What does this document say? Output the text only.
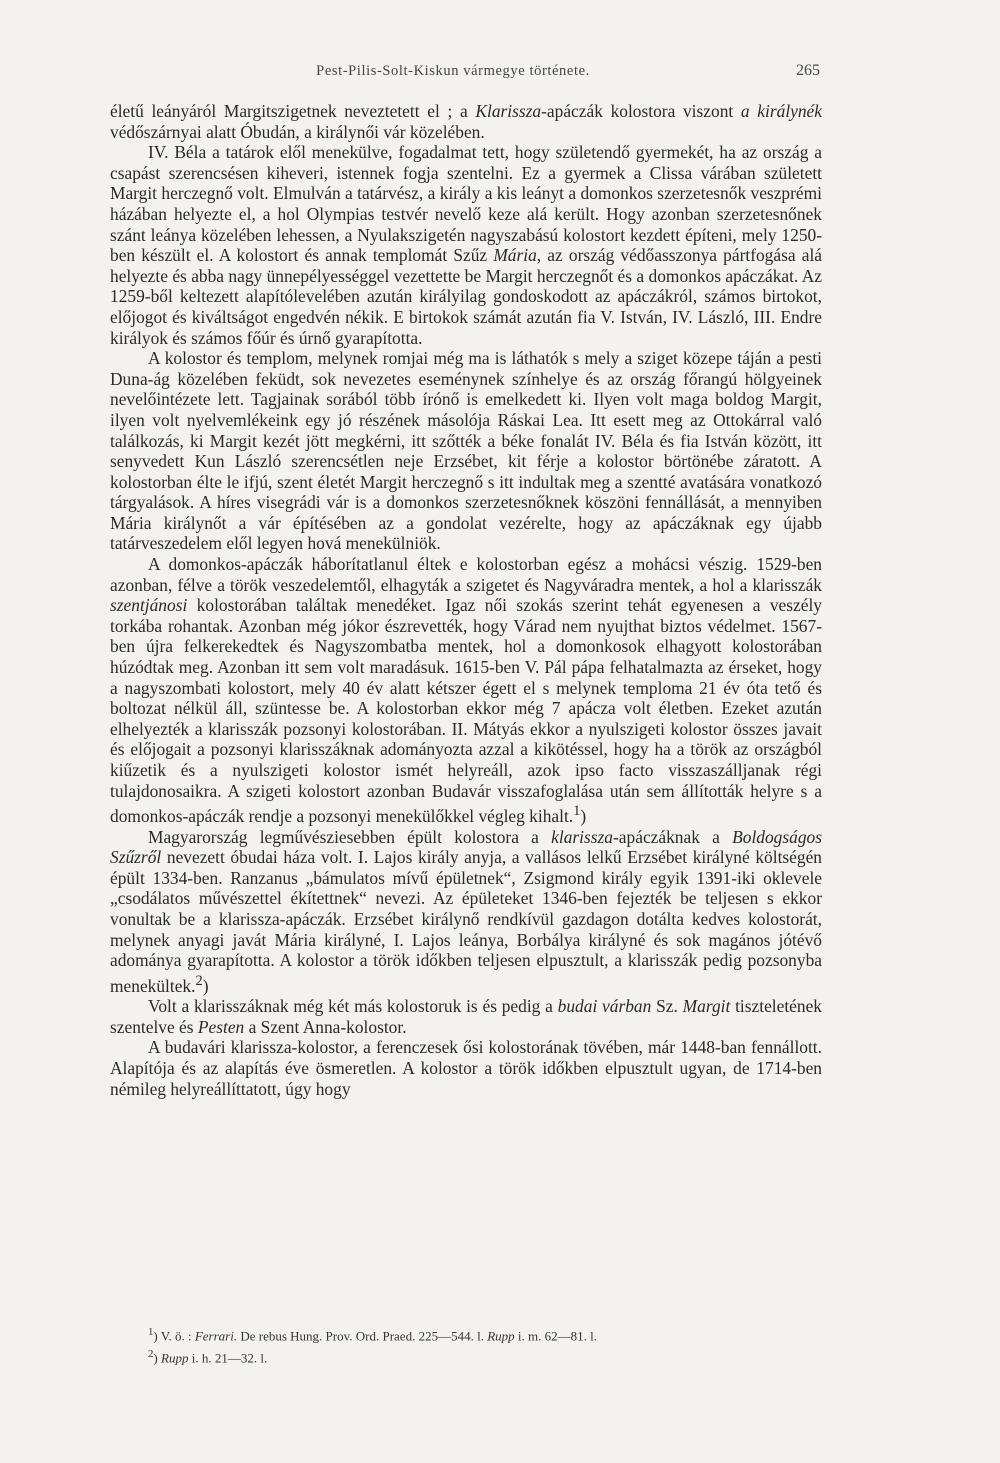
Pest-Pilis-Solt-Kiskun vármegye története.	265

életű leányáról Margitszigetnek neveztetett el ; a Klarissza-apáczák kolostora viszont a királynék védőszárnyai alatt Óbudán, a királynői vár közelében.

IV. Béla a tatárok elől menekülve, fogadalmat tett, hogy születendő gyermekét, ha az ország a csapást szerencsésen kiheveri, istennek fogja szentelni. Ez a gyermek a Clissa várában született Margit herczegnő volt. Elmulván a tatárvész, a király a kis leányt a domonkos szerzetesnők veszprémi házában helyezte el, a hol Olympias testvér nevelő keze alá került. Hogy azonban szerzetesnőnek szánt leánya közelében lehessen, a Nyulakszigetén nagyszabású kolostort kezdett építeni, mely 1250-ben készült el. A kolostort és annak templomát Szűz Mária, az ország védőasszonya pártfogása alá helyezte és abba nagy ünnepélyességgel vezettette be Margit herczegnőt és a domonkos apáczákat. Az 1259-ből keltezett alapítólevelében azután királyilag gondoskodott az apáczákról, számos birtokot, előjogot és kiváltságot engedvén nékik. E birtokok számát azután fia V. István, IV. László, III. Endre királyok és számos főúr és úrnő gyarapította.

A kolostor és templom, melynek romjai még ma is láthatók s mely a sziget közepe táján a pesti Duna-ág közelében feküdt, sok nevezetes eseménynek színhelye és az ország főrangú hölgyeinek nevelőintézete lett. Tagjainak sorából több írónő is emelkedett ki. Ilyen volt maga boldog Margit, ilyen volt nyelvemlékeink egy jó részének másolója Ráskai Lea. Itt esett meg az Ottokárral való találkozás, ki Margit kezét jött megkérni, itt szőtték a béke fonalát IV. Béla és fia István között, itt senyvedett Kun László szerencsétlen neje Erzsébet, kit férje a kolostor börtönébe záratott. A kolostorban élte le ifjú, szent életét Margit herczegnő s itt indultak meg a szentté avatására vonatkozó tárgyalások. A híres visegrádi vár is a domonkos szerzetesnőknek köszöni fennállását, a mennyiben Mária királynőt a vár építésében az a gondolat vezérelte, hogy az apáczáknak egy újabb tatárveszedelem elől legyen hová menekülniök.

A domonkos-apáczák háborítatlanul éltek e kolostorban egész a mohácsi vészig. 1529-ben azonban, félve a török veszedelemtől, elhagyták a szigetet és Nagyváradra mentek, a hol a klarisszák szentjánosi kolostorában találtak menedéket. Igaz női szokás szerint tehát egyenesen a veszély torkába rohantak. Azonban még jókor észrevették, hogy Várad nem nyujthat biztos védelmet. 1567-ben újra felkerekedtek és Nagyszombatba mentek, hol a domonkosok elhagyott kolostorában húzódtak meg. Azonban itt sem volt maradásuk. 1615-ben V. Pál pápa felhatalmazta az érseket, hogy a nagyszombati kolostort, mely 40 év alatt kétszer égett el s melynek temploma 21 év óta tető és boltozat nélkül áll, szüntesse be. A kolostorban ekkor még 7 apácza volt életben. Ezeket azután elhelyezték a klarisszák pozsonyi kolostorában. II. Mátyás ekkor a nyulszigeti kolostor összes javait és előjogait a pozsonyi klarisszáknak adományozta azzal a kikötéssel, hogy ha a török az országból kiűzetik és a nyulszigeti kolostor ismét helyreáll, azok ipso facto visszaszálljanak régi tulajdonosaikra. A szigeti kolostort azonban Budavár visszafoglalása után sem állították helyre s a domonkos-apáczák rendje a pozsonyi menekülőkkel végleg kihalt.$^1$)

Magyarország legművésziesebben épült kolostora a klarissza-apáczáknak a Boldogságos Szűzről nevezett óbudai háza volt. I. Lajos király anyja, a vallásos lelkű Erzsébet királyné költségén épült 1334-ben. Ranzanus „bámulatos mívű épületnek“, Zsigmond király egyik 1391-iki oklevele „csodálatos művészettel ékítettnek“ nevezi. Az épületeket 1346-ben fejezték be teljesen s ekkor vonultak be a klarissza-apáczák. Erzsébet királynő rendkívül gazdagon dotálta kedves kolostorát, melynek anyagi javát Mária királyné, I. Lajos leánya, Borbálya királyné és sok magános jótévő adománya gyarapította. A kolostor a török időkben teljesen elpusztult, a klarisszák pedig pozsonyba menekültek.$^2$)

Volt a klarisszáknak még két más kolostoruk is és pedig a budai várban Sz. Margit tiszteletének szentelve és Pesten a Szent Anna-kolostor.

A budavári klarissza-kolostor, a ferenczesek ősi kolostorának tövében, már 1448-ban fennállott. Alapítója és az alapítás éve ösmeretlen. A kolostor a török időkben elpusztult ugyan, de 1714-ben némileg helyreállíttatott, úgy hogy

$^1$) V. ö. : Ferrari. De rebus Hung. Prov. Ord. Praed. 225—544. l. Rupp i. m. 62—81. l.

$^2$) Rupp i. h. 21—32. l.
